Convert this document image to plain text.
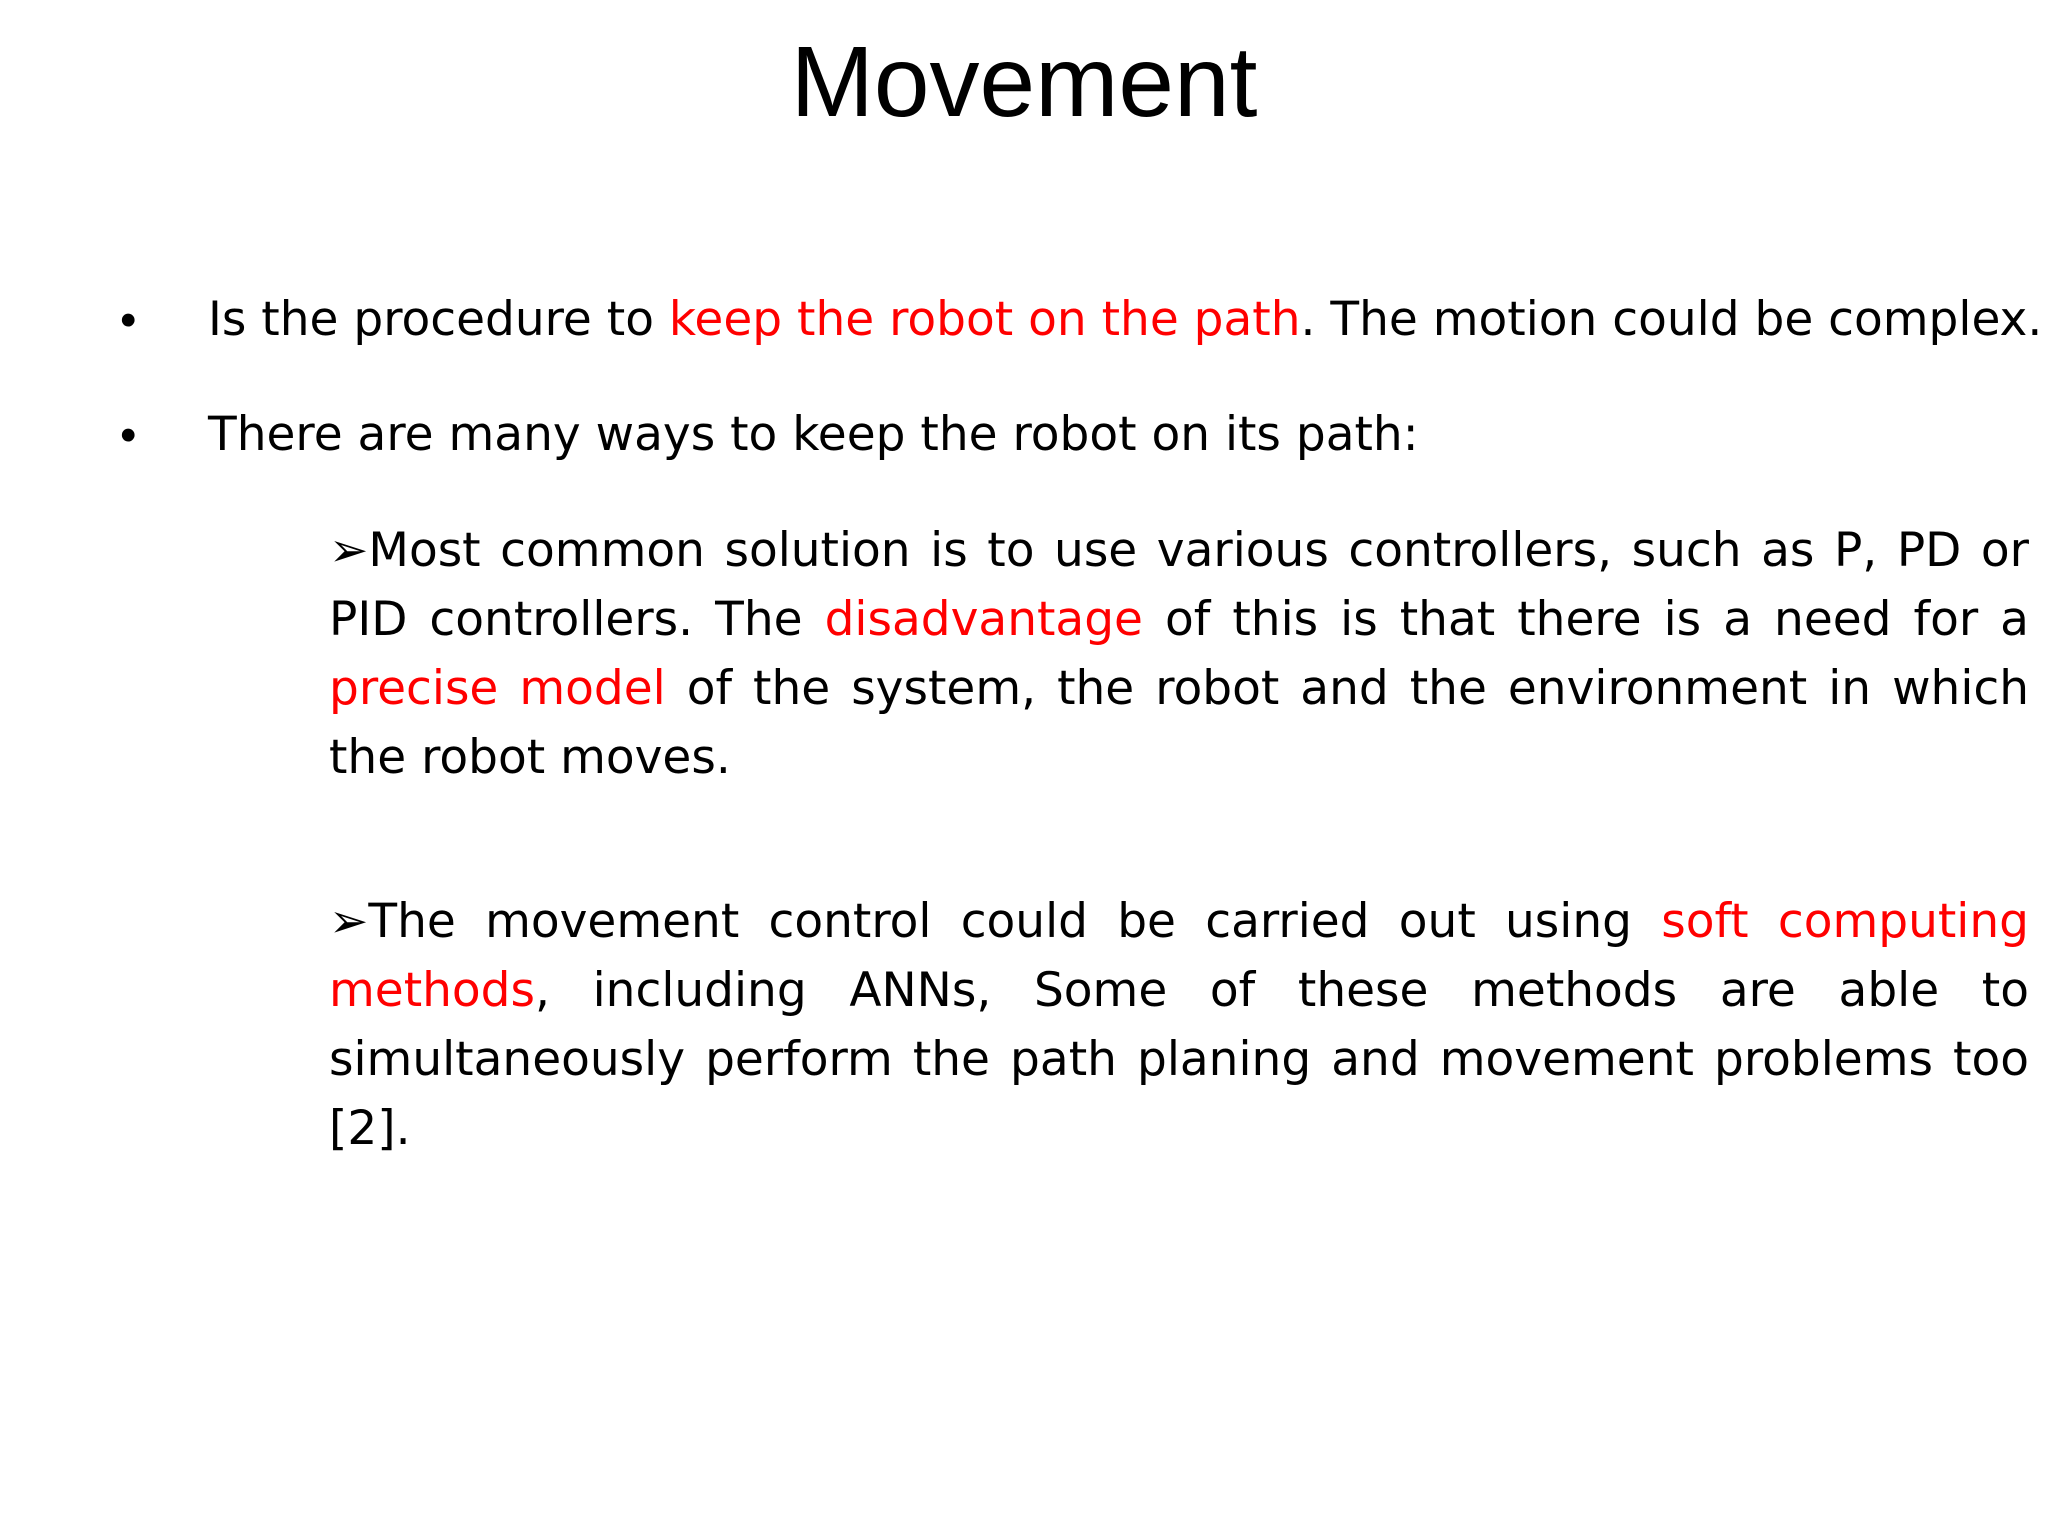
Movement
• Is the procedure to keep the robot on the path. The motion could be complex.
• There are many ways to keep the robot on its path:
➢Most common solution is to use various controllers, such as P, PD or PID controllers. The disadvantage of this is that there is a need for a precise model of the system, the robot and the environment in which the robot moves.
➢The movement control could be carried out using soft computing methods, including ANNs, Some of these methods are able to simultaneously perform the path planing and movement problems too [2].
